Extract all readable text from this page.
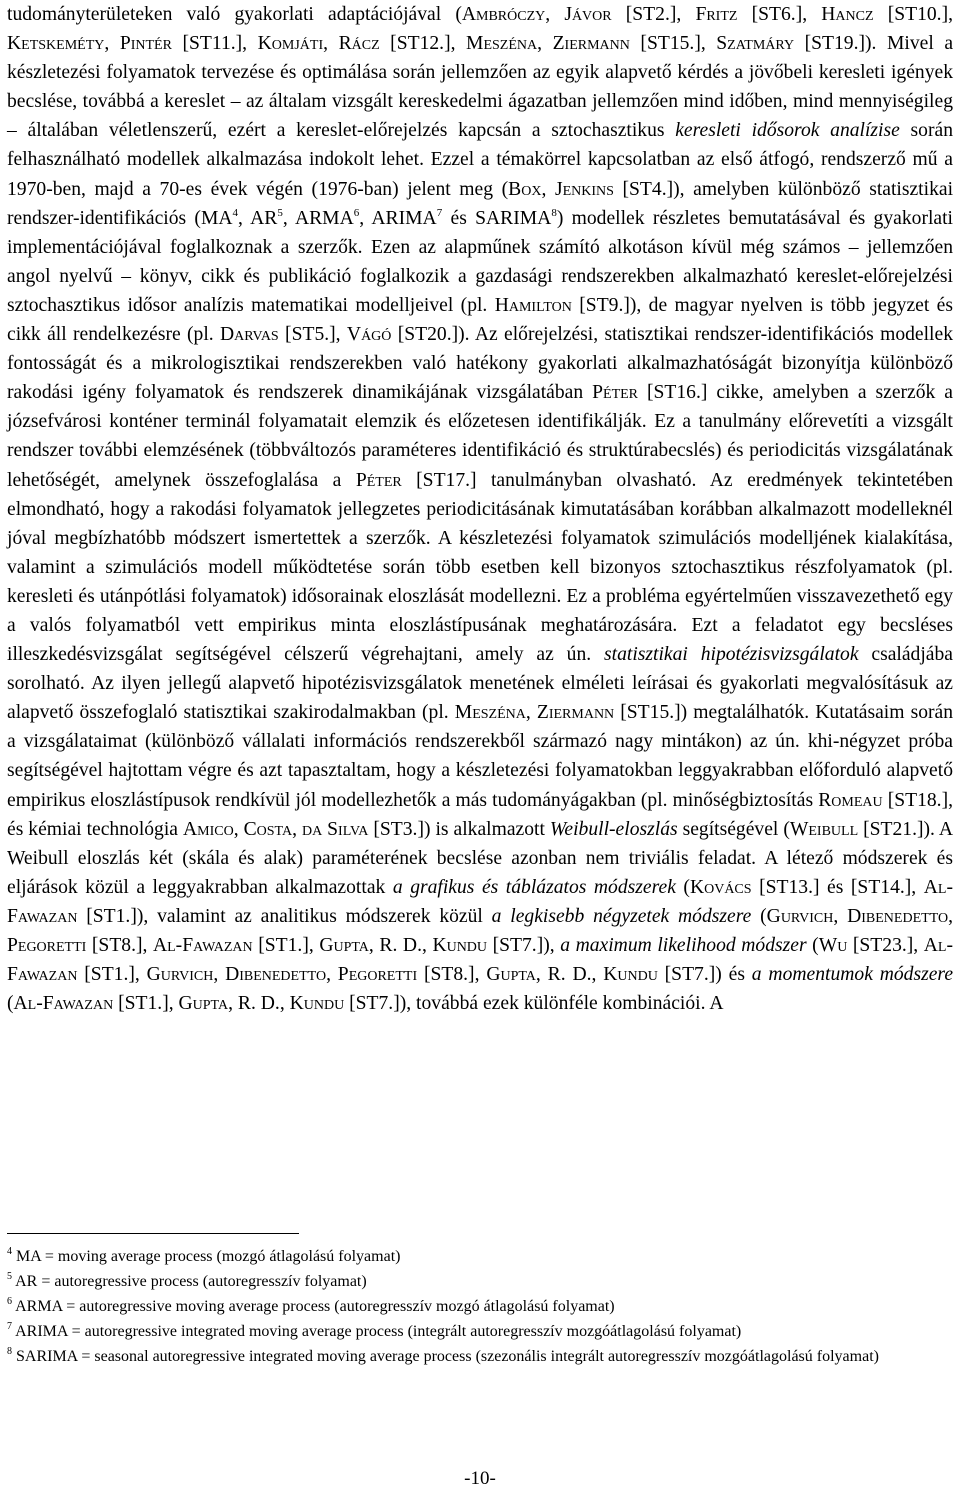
tudományterületeken való gyakorlati adaptációjával (Ambróczy, Jávor [ST2.], Fritz [ST6.], Hancz [ST10.], Ketskeméty, Pintér [ST11.], Komjáti, Rácz [ST12.], Meszéna, Ziermann [ST15.], Szatmáry [ST19.]). Mivel a készletezési folyamatok tervezése és optimálása során jellemzően az egyik alapvető kérdés a jövőbeli keresleti igények becslése, továbbá a kereslet – az általam vizsgált kereskedelmi ágazatban jellemzően mind időben, mind mennyiségileg – általában véletlenszerű, ezért a kereslet-előrejelzés kapcsán a sztochasztikus keresleti idősorok analízise során felhasználható modellek alkalmazása indokolt lehet. Ezzel a témakörrel kapcsolatban az első átfogó, rendszerző mű a 1970-ben, majd a 70-es évek végén (1976-ban) jelent meg (Box, Jenkins [ST4.]), amelyben különböző statisztikai rendszer-identifikációs ($MA^4$, $AR^5$, ARMA$^6$, ARIMA$^7$ és SARIMA$^8$) modellek részletes bemutatásával és gyakorlati implementációjával foglalkoznak a szerzők. Ezen az alapműnek számító alkotáson kívül még számos – jellemzően angol nyelvű – könyv, cikk és publikáció foglalkozik a gazdasági rendszerekben alkalmazható kereslet-előrejelzési sztochasztikus idősor analízis matematikai modelljeivel (pl. Hamilton [ST9.]), de magyar nyelven is több jegyzet és cikk áll rendelkezésre (pl. Darvas [ST5.], Vágó [ST20.]). Az előrejelzési, statisztikai rendszer-identifikációs modellek fontosságát és a mikrologisztikai rendszerekben való hatékony gyakorlati alkalmazhatóságát bizonyítja különböző rakodási igény folyamatok és rendszerek dinamikájának vizsgálatában Péter [ST16.] cikke, amelyben a szerzők a józsefvárosi konténer terminál folyamatait elemzik és előzetesen identifikálják. Ez a tanulmány előrevetíti a vizsgált rendszer további elemzésének (többváltozós paraméteres identifikáció és struktúrabecslés) és periodicitás vizsgálatának lehetőségét, amelynek összefoglalása a Péter [ST17.] tanulmányban olvasható. Az eredmények tekintetében elmondható, hogy a rakodási folyamatok jellegzetes periodicitásának kimutatásában korábban alkalmazott modelleknél jóval megbízhatóbb módszert ismertettek a szerzők. A készletezési folyamatok szimulációs modelljének kialakítása, valamint a szimulációs modell működtetése során több esetben kell bizonyos sztochasztikus részfolyamatok (pl. keresleti és utánpótlási folyamatok) idősorainak eloszlását modellezni. Ez a probléma egyértelműen visszavezethető egy a valós folyamatból vett empirikus minta eloszlástípusának meghatározására. Ezt a feladatot egy becsléses illeszkedésvizsgálat segítségével célszerű végrehajtani, amely az ún. statisztikai hipotézisvizsgálatok családjába sorolható. Az ilyen jellegű alapvető hipotézisvizsgálatok menetének elméleti leírásai és gyakorlati megvalósításuk az alapvető összefoglaló statisztikai szakirodalmakban (pl. Meszéna, Ziermann [ST15.]) megtalálhatók. Kutatásaim során a vizsgálataimat (különböző vállalati információs rendszerekből származó nagy mintákon) az ún. khi-négyzet próba segítségével hajtottam végre és azt tapasztaltam, hogy a készletezési folyamatokban leggyakrabban előforduló alapvető empirikus eloszlástípusok rendkívül jól modellezhetők a más tudományágakban (pl. minőségbiztosítás Romeau [ST18.], és kémiai technológia Amico, Costa, da Silva [ST3.]) is alkalmazott Weibull-eloszlás segítségével (Weibull [ST21.]). A Weibull eloszlás két (skála és alak) paraméterének becslése azonban nem triviális feladat. A létező módszerek és eljárások közül a leggyakrabban alkalmazottak a grafikus és táblázatos módszerek (Kovács [ST13.] és [ST14.], Al-Fawazan [ST1.]), valamint az analitikus módszerek közül a legkisebb négyzetek módszere (Gurvich, Dibenedetto, Pegoretti [ST8.], Al-Fawazan [ST1.], Gupta, R. D., Kundu [ST7.]), a maximum likelihood módszer (Wu [ST23.], Al-Fawazan [ST1.], Gurvich, Dibenedetto, Pegoretti [ST8.], Gupta, R. D., Kundu [ST7.]) és a momentumok módszere (Al-Fawazan [ST1.], Gupta, R. D., Kundu [ST7.]), továbbá ezek különféle kombinációi. A

$^4$ MA = moving average process (mozgó átlagolású folyamat)
$^5$ AR = autoregressive process (autoregresszív folyamat)
$^6$ ARMA = autoregressive moving average process (autoregresszív mozgó átlagolású folyamat)
$^7$ ARIMA = autoregressive integrated moving average process (integrált autoregresszív mozgóátlagolású folyamat)
$^8$ SARIMA = seasonal autoregressive integrated moving average process (szezonális integrált autoregresszív mozgóátlagolású folyamat)
-10-
